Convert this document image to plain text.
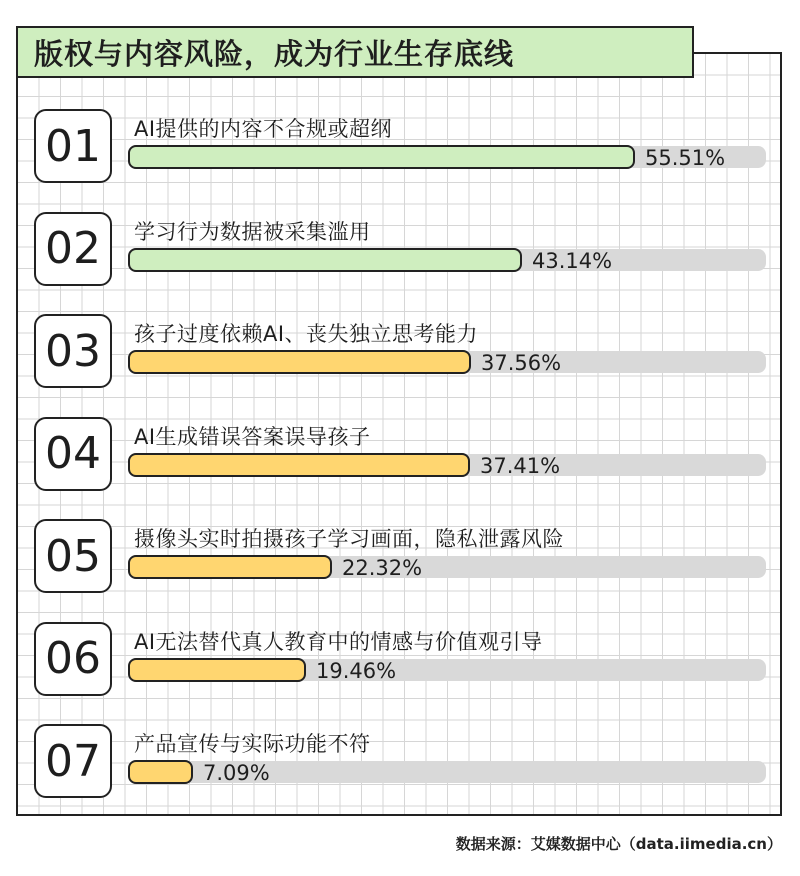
版权与内容风险，成为行业生存底线
01	AI提供的内容不合规或超纲
55.51%
02	学习行为数据被采集滥用
43.14%
03	孩子过度依赖AI、丧失独立思考能力
37.56%
04	AI生成错误答案误导孩子
37.41%
05	摄像头实时拍摄孩子学习画面，隐私泄露风险
22.32%
06	AI无法替代真人教育中的情感与价值观引导
19.46%
07	产品宣传与实际功能不符
7.09%
数据来源：艾媒数据中心（data.iimedia.cn）
